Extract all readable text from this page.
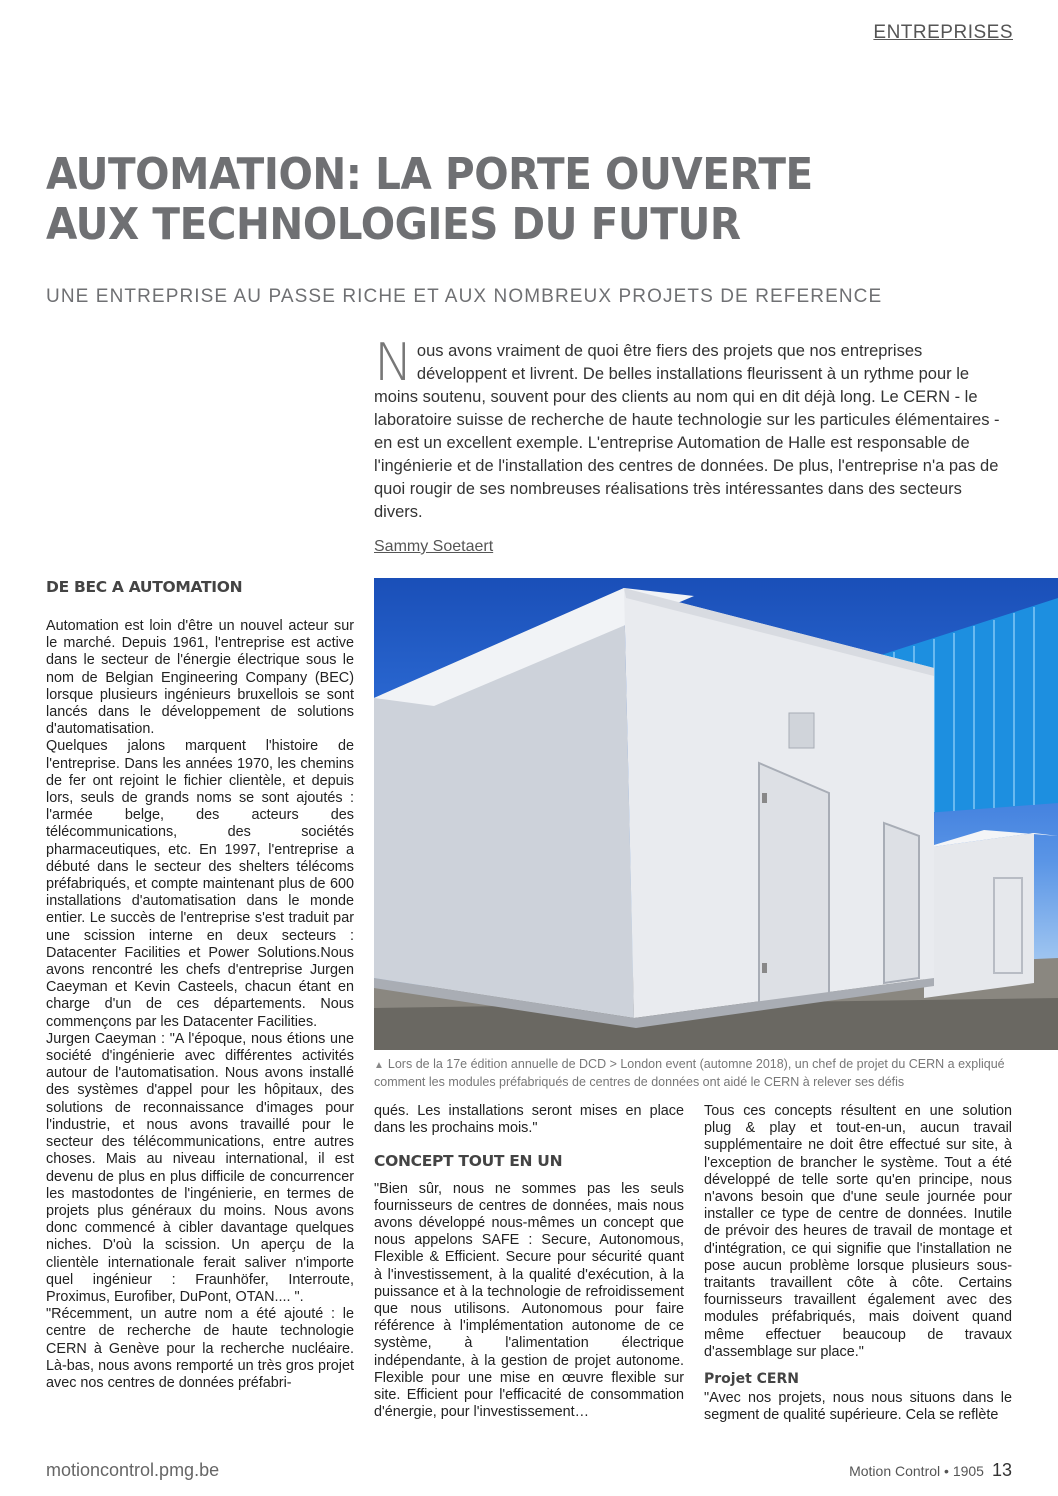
ENTREPRISES
AUTOMATION: LA PORTE OUVERTE
AUX TECHNOLOGIES DU FUTUR
UNE ENTREPRISE AU PASSE RICHE ET AUX NOMBREUX PROJETS DE REFERENCE
N ous avons vraiment de quoi être fiers des projets que nos entreprises développent et livrent. De belles installations fleurissent à un rythme pour le moins soutenu, souvent pour des clients au nom qui en dit déjà long. Le CERN - le laboratoire suisse de recherche de haute technologie sur les particules élémentaires - en est un excellent exemple. L'entreprise Automation de Halle est responsable de l'ingénierie et de l'installation des centres de données. De plus, l'entreprise n'a pas de quoi rougir de ses nombreuses réalisations très intéressantes dans des secteurs divers.
Sammy Soetaert
▲ Lors de la 17e édition annuelle de DCD > London event (automne 2018), un chef de projet du CERN a expliqué comment les modules préfabriqués de centres de données ont aidé le CERN à relever ses défis
DE BEC A AUTOMATION

Automation est loin d'être un nouvel acteur sur le marché. Depuis 1961, l'entreprise est active dans le secteur de l'énergie électrique sous le nom de Belgian Engineering Company (BEC) lorsque plusieurs ingénieurs bruxellois se sont lancés dans le développement de solutions d'automatisation.

Quelques jalons marquent l'histoire de l'entreprise. Dans les années 1970, les chemins de fer ont rejoint le fichier clientèle, et depuis lors, seuls de grands noms se sont ajoutés : l'armée belge, des acteurs des télécommunications, des sociétés pharmaceutiques, etc. En 1997, l'entreprise a débuté dans le secteur des shelters télécoms préfabriqués, et compte maintenant plus de 600 installations d'automatisation dans le monde entier. Le succès de l'entreprise s'est traduit par une scission interne en deux secteurs : Datacenter Facilities et Power Solutions.Nous avons rencontré les chefs d'entreprise Jurgen Caeyman et Kevin Casteels, chacun étant en charge d'un de ces départements. Nous commençons par les Datacenter Facilities.

Jurgen Caeyman : "A l'époque, nous étions une société d'ingénierie avec différentes activités autour de l'automatisation. Nous avons installé des systèmes d'appel pour les hôpitaux, des solutions de reconnaissance d'images pour l'industrie, et nous avons travaillé pour le secteur des télécommunications, entre autres choses. Mais au niveau international, il est devenu de plus en plus difficile de concurrencer les mastodontes de l'ingénierie, en termes de projets plus généraux du moins. Nous avons donc commencé à cibler davantage quelques niches. D'où la scission. Un aperçu de la clientèle internationale ferait saliver n'importe quel ingénieur : Fraunhöfer, Interroute, Proximus, Eurofiber, DuPont, OTAN.... ".

"Récemment, un autre nom a été ajouté : le centre de recherche de haute technologie CERN à Genève pour la recherche nucléaire. Là-bas, nous avons remporté un très gros projet avec nos centres de données préfabri-

qués. Les installations seront mises en place dans les prochains mois."

CONCEPT TOUT EN UN

"Bien sûr, nous ne sommes pas les seuls fournisseurs de centres de données, mais nous avons développé nous-mêmes un concept que nous appelons SAFE : Secure, Autonomous, Flexible & Efficient. Secure pour sécurité quant à l'investissement, à la qualité d'exécution, à la puissance et à la technologie de refroidissement que nous utilisons. Autonomous pour faire référence à l'implémentation autonome de ce système, à l'alimentation électrique indépendante, à la gestion de projet autonome. Flexible pour une mise en œuvre flexible sur site. Efficient pour l'efficacité de consommation d'énergie, pour l'investissement…

Tous ces concepts résultent en une solution plug & play et tout-en-un, aucun travail supplémentaire ne doit être effectué sur site, à l'exception de brancher le système. Tout a été développé de telle sorte qu'en principe, nous n'avons besoin que d'une seule journée pour installer ce type de centre de données. Inutile de prévoir des heures de travail de montage et d'intégration, ce qui signifie que l'installation ne pose aucun problème lorsque plusieurs sous-traitants travaillent côte à côte. Certains fournisseurs travaillent également avec des modules préfabriqués, mais doivent quand même effectuer beaucoup de travaux d'assemblage sur place."

Projet CERN

"Avec nos projets, nous nous situons dans le segment de qualité supérieure. Cela se reflète

motioncontrol.pmg.be	Motion Control • 1905 13
